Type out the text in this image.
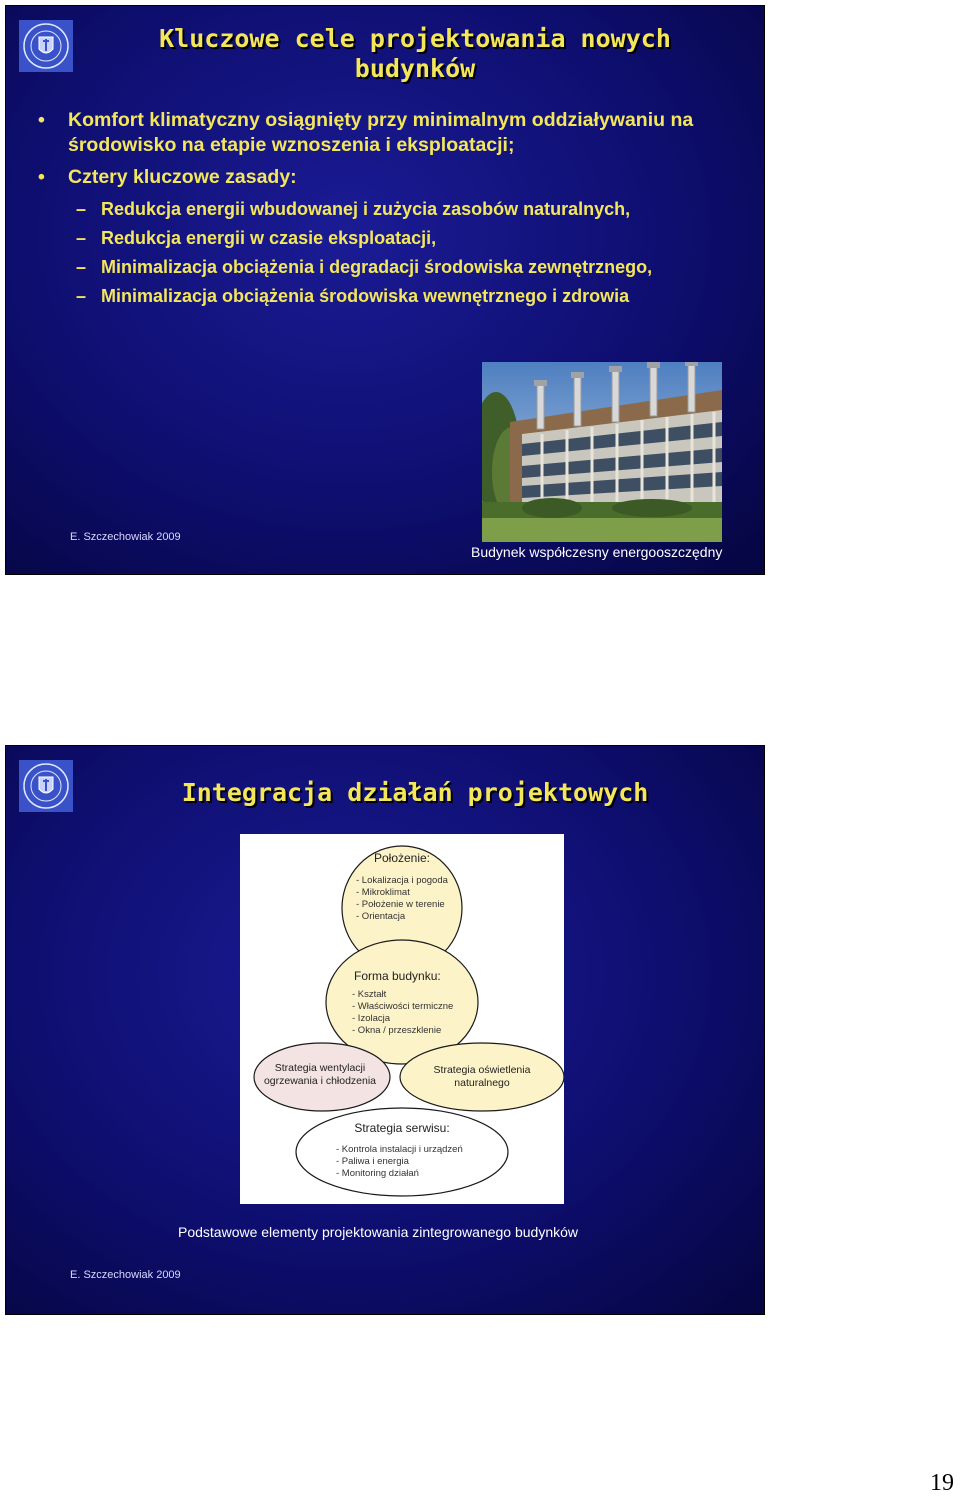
Kluczowe cele projektowania nowych budynków
• Komfort klimatyczny osiągnięty przy minimalnym oddziaływaniu na środowisko na etapie wznoszenia i eksploatacji;
• Cztery kluczowe zasady:
– Redukcja energii wbudowanej i zużycia zasobów naturalnych,
– Redukcja energii w czasie eksploatacji,
– Minimalizacja obciążenia i degradacji środowiska zewnętrznego,
– Minimalizacja obciążenia środowiska wewnętrznego i zdrowia
E. Szczechowiak 2009
Budynek współczesny energooszczędny
Integracja działań projektowych
Położenie:
- Lokalizacja i pogoda
- Mikroklimat
- Położenie w terenie
- Orientacja
Forma budynku:
- Kształt
- Właściwości termiczne
- Izolacja
- Okna / przeszklenie
Strategia wentylacji
ogrzewania i chłodzenia
Strategia oświetlenia
naturalnego
Strategia serwisu:
- Kontrola instalacji i urządzeń
- Paliwa i energia
- Monitoring działań
Podstawowe elementy projektowania zintegrowanego budynków
E. Szczechowiak 2009
19
